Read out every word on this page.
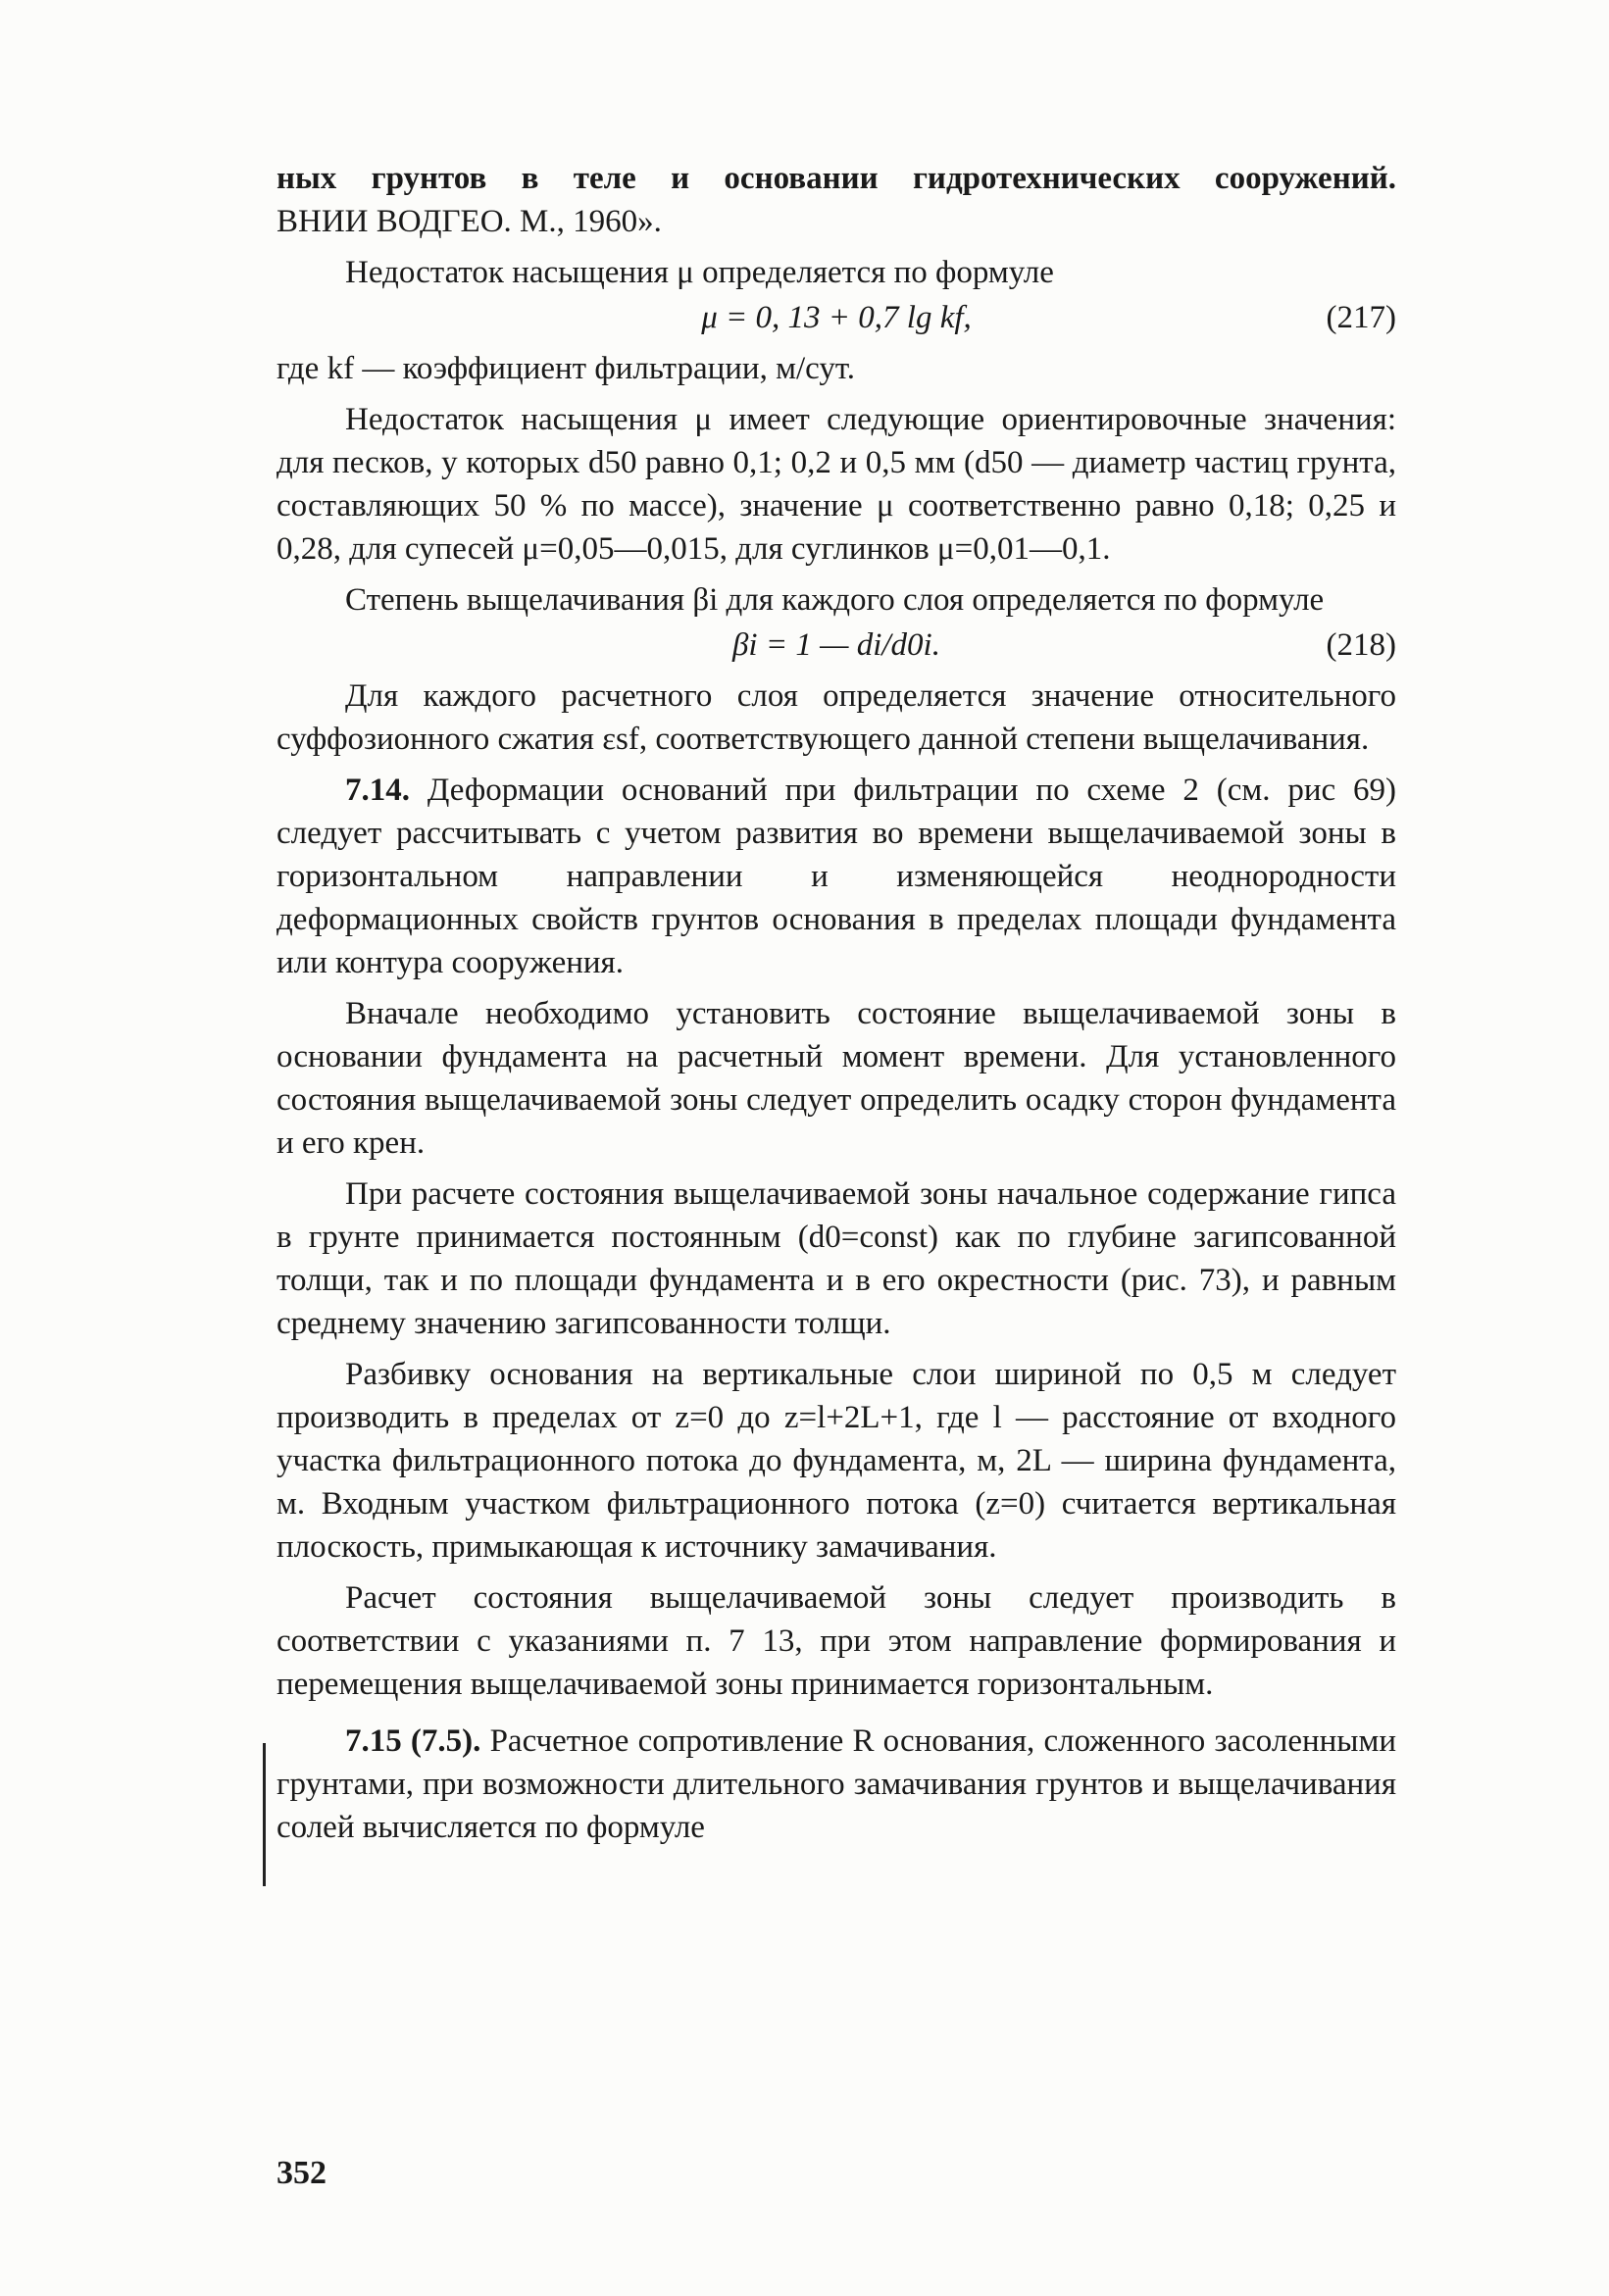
ных грунтов в теле и основании гидротехнических сооружений.

ВНИИ ВОДГЕО. М., 1960».

Недостаток насыщения μ определяется по формуле

μ = 0, 13 + 0,7 lg kf,	(217)

где kf — коэффициент фильтрации, м/сут.

Недостаток насыщения μ имеет следующие ориентировочные значения: для песков, у которых d50 равно 0,1; 0,2 и 0,5 мм (d50 — диаметр частиц грунта, составляющих 50 % по массе), значение μ соответственно равно 0,18; 0,25 и 0,28, для супесей μ=0,05—0,015, для суглинков μ=0,01—0,1.

Степень выщелачивания βi для каждого слоя определяется по формуле

βi = 1 — di/d0i.	(218)

Для каждого расчетного слоя определяется значение относительного суффозионного сжатия εsf, соответствующего данной степени выщелачивания.

7.14. Деформации оснований при фильтрации по схеме 2 (см. рис 69) следует рассчитывать с учетом развития во времени выщелачиваемой зоны в горизонтальном направлении и изменяющейся неоднородности деформационных свойств грунтов основания в пределах площади фундамента или контура сооружения.

Вначале необходимо установить состояние выщелачиваемой зоны в основании фундамента на расчетный момент времени. Для установленного состояния выщелачиваемой зоны следует определить осадку сторон фундамента и его крен.

При расчете состояния выщелачиваемой зоны начальное содержание гипса в грунте принимается постоянным (d0=const) как по глубине загипсованной толщи, так и по площади фундамента и в его окрестности (рис. 73), и равным среднему значению загипсованности толщи.

Разбивку основания на вертикальные слои шириной по 0,5 м следует производить в пределах от z=0 до z=l+2L+1, где l — расстояние от входного участка фильтрационного потока до фундамента, м, 2L — ширина фундамента, м. Входным участком фильтрационного потока (z=0) считается вертикальная плоскость, примыкающая к источнику замачивания.

Расчет состояния выщелачиваемой зоны следует производить в соответствии с указаниями п. 7 13, при этом направление формирования и перемещения выщелачиваемой зоны принимается горизонтальным.

7.15 (7.5). Расчетное сопротивление R основания, сложенного засоленными грунтами, при возможности длительного замачивания грунтов и выщелачивания солей вычисляется по формуле

352
